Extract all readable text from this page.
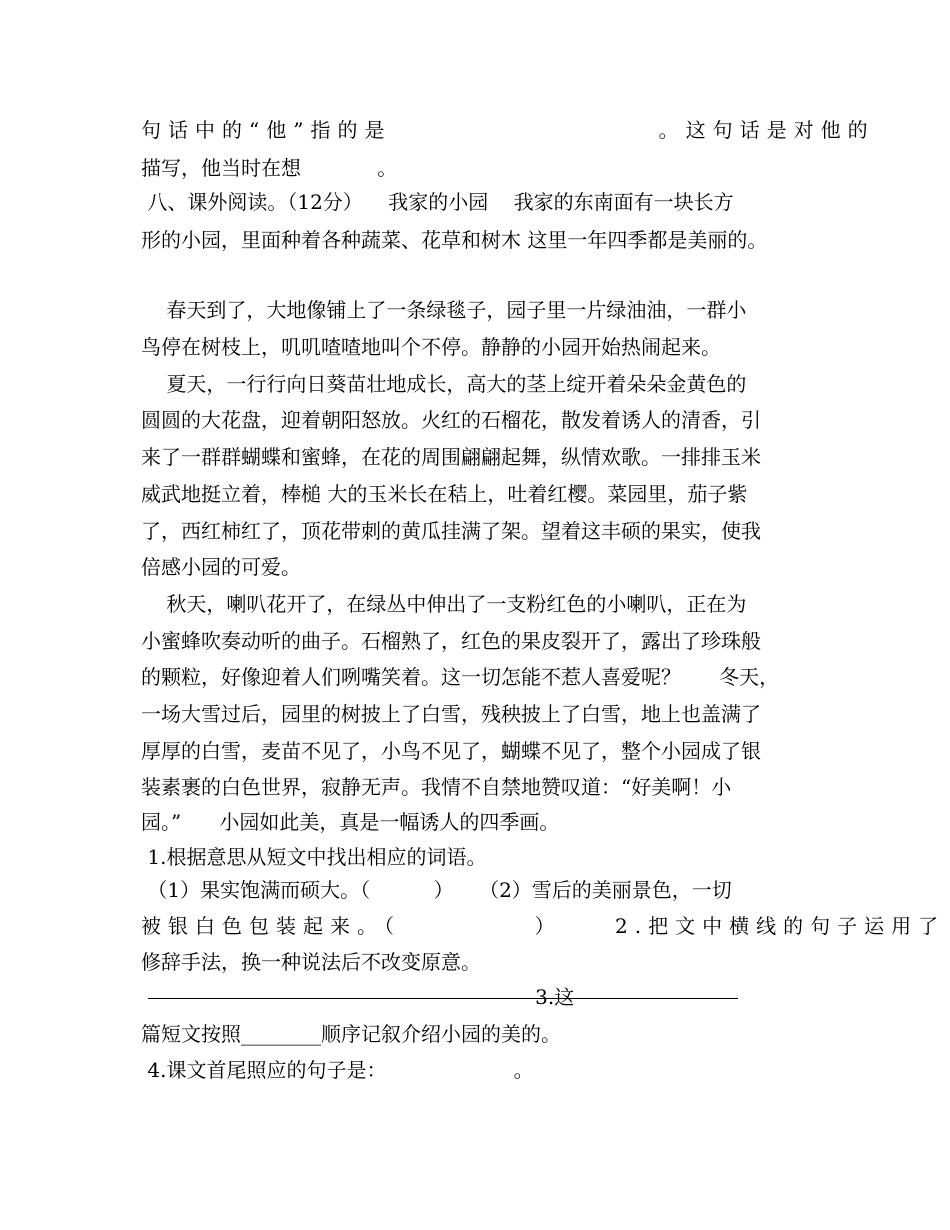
句话中的“他”指的是                    。这句话是对他的

描写，他当时在想            。

八、课外阅读。（12分）    我家的小园    我家的东南面有一块长方

形的小园，里面种着各种蔬菜、花草和树木 这里一年四季都是美丽的。

春天到了，大地像铺上了一条绿毯子，园子里一片绿油油，一群小

鸟停在树枝上，叽叽喳喳地叫个不停。静静的小园开始热闹起来。

夏天，一行行向日葵苗壮地成长，高大的茎上绽开着朵朵金黄色的

圆圆的大花盘，迎着朝阳怒放。火红的石榴花，散发着诱人的清香，引

来了一群群蝴蝶和蜜蜂，在花的周围翩翩起舞，纵情欢歌。一排排玉米

威武地挺立着，棒槌 大的玉米长在秸上，吐着红樱。菜园里，茄子紫

了，西红柿红了，顶花带刺的黄瓜挂满了架。望着这丰硕的果实，使我

倍感小园的可爱。

秋天，喇叭花开了，在绿丛中伸出了一支粉红色的小喇叭，正在为

小蜜蜂吹奏动听的曲子。石榴熟了，红色的果皮裂开了，露出了珍珠般

的颗粒，好像迎着人们咧嘴笑着。这一切怎能不惹人喜爱呢？      冬天，

一场大雪过后，园里的树披上了白雪，残秧披上了白雪，地上也盖满了

厚厚的白雪，麦苗不见了，小鸟不见了，蝴蝶不见了，整个小园成了银

装素裹的白色世界，寂静无声。我情不自禁地赞叹道：“好美啊！小

园。”      小园如此美，真是一幅诱人的四季画。

1.根据意思从短文中找出相应的词语。

（1）果实饱满而硕大。（          ）    （2）雪后的美丽景色，一切

被银白色包装起来。（          ）    2.把文中横线的句子运用了

修辞手法，换一种说法后不改变原意。

3.这

篇短文按照________顺序记叙介绍小园的美的。

4.课文首尾照应的句子是：                    。
